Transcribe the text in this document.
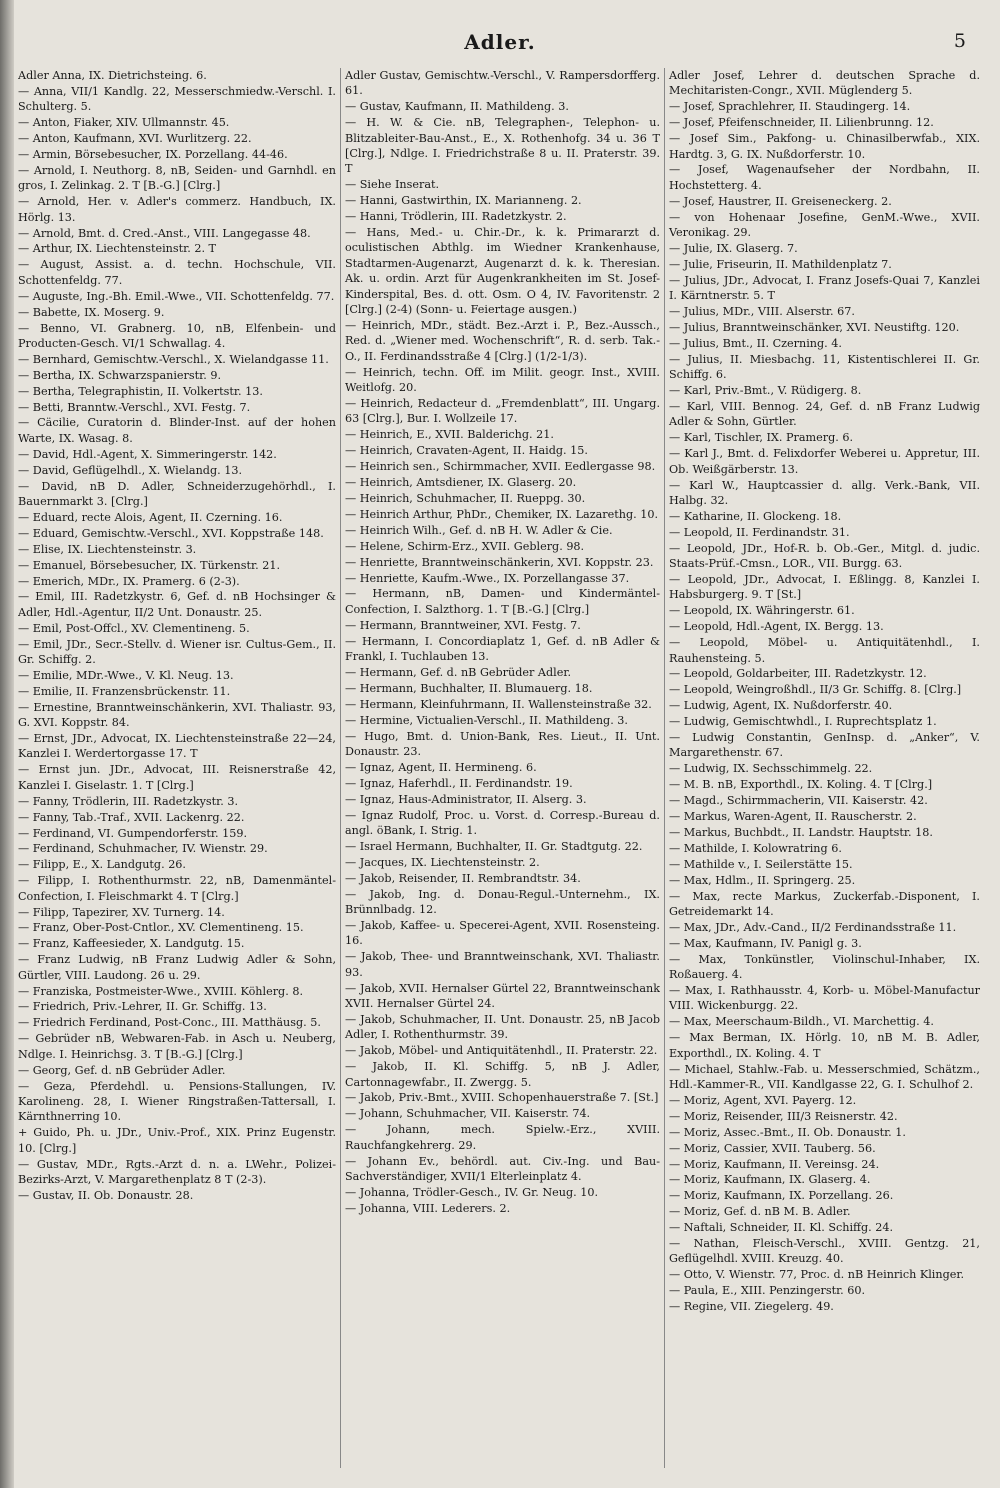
Adler.	5

Adler Anna, IX. Dietrichsteing. 6.

— Anna, VII/1 Kandlg. 22, Messerschmiedw.-Verschl. I. Schulterg. 5.

— Anton, Fiaker, XIV. Ullmannstr. 45.

— Anton, Kaufmann, XVI. Wurlitzerg. 22.

— Armin, Börsebesucher, IX. Porzellang. 44-46.

— Arnold, I. Neuthorg. 8, nB, Seiden- und Garnhdl. en gros, I. Zelinkag. 2. T [B.-G.] [Clrg.]

— Arnold, Her. v. Adler's commerz. Handbuch, IX. Hörlg. 13.

— Arnold, Bmt. d. Cred.-Anst., VIII. Langegasse 48.

— Arthur, IX. Liechtensteinstr. 2. T

— August, Assist. a. d. techn. Hochschule, VII. Schottenfeldg. 77.

— Auguste, Ing.-Bh. Emil.-Wwe., VII. Schottenfeldg. 77.

— Babette, IX. Moserg. 9.

— Benno, VI. Grabnerg. 10, nB, Elfenbein- und Producten-Gesch. VI/1 Schwallag. 4.

— Bernhard, Gemischtw.-Verschl., X. Wielandgasse 11.

— Bertha, IX. Schwarzspanierstr. 9.

— Bertha, Telegraphistin, II. Volkertstr. 13.

— Betti, Branntw.-Verschl., XVI. Festg. 7.

— Cäcilie, Curatorin d. Blinder-Inst. auf der hohen Warte, IX. Wasag. 8.

— David, Hdl.-Agent, X. Simmeringerstr. 142.

— David, Geflügelhdl., X. Wielandg. 13.

— David, nB D. Adler, Schneiderzugehörhdl., I. Bauernmarkt 3. [Clrg.]

— Eduard, recte Alois, Agent, II. Czerning. 16.

— Eduard, Gemischtw.-Verschl., XVI. Koppstraße 148.

— Elise, IX. Liechtensteinstr. 3.

— Emanuel, Börsebesucher, IX. Türkenstr. 21.

— Emerich, MDr., IX. Pramerg. 6 (2-3).

— Emil, III. Radetzkystr. 6, Gef. d. nB Hochsinger & Adler, Hdl.-Agentur, II/2 Unt. Donaustr. 25.

— Emil, Post-Offcl., XV. Clementineng. 5.

— Emil, JDr., Secr.-Stellv. d. Wiener isr. Cultus-Gem., II. Gr. Schiffg. 2.

— Emilie, MDr.-Wwe., V. Kl. Neug. 13.

— Emilie, II. Franzensbrückenstr. 11.

— Ernestine, Branntweinschänkerin, XVI. Thaliastr. 93, G. XVI. Koppstr. 84.

— Ernst, JDr., Advocat, IX. Liechtensteinstraße 22—24, Kanzlei I. Werdertorgasse 17. T

— Ernst jun. JDr., Advocat, III. Reisnerstraße 42, Kanzlei I. Giselastr. 1. T [Clrg.]

— Fanny, Trödlerin, III. Radetzkystr. 3.

— Fanny, Tab.-Traf., XVII. Lackenrg. 22.

— Ferdinand, VI. Gumpendorferstr. 159.

— Ferdinand, Schuhmacher, IV. Wienstr. 29.

— Filipp, E., X. Landgutg. 26.

— Filipp, I. Rothenthurmstr. 22, nB, Damenmäntel-Confection, I. Fleischmarkt 4. T [Clrg.]

— Filipp, Tapezirer, XV. Turnerg. 14.

— Franz, Ober-Post-Cntlor., XV. Clementineng. 15.

— Franz, Kaffeesieder, X. Landgutg. 15.

— Franz Ludwig, nB Franz Ludwig Adler & Sohn, Gürtler, VIII. Laudong. 26 u. 29.

— Franziska, Postmeister-Wwe., XVIII. Köhlerg. 8.

— Friedrich, Priv.-Lehrer, II. Gr. Schiffg. 13.

— Friedrich Ferdinand, Post-Conc., III. Matthäusg. 5.

— Gebrüder nB, Webwaren-Fab. in Asch u. Neuberg, Ndlge. I. Heinrichsg. 3. T [B.-G.] [Clrg.]

— Georg, Gef. d. nB Gebrüder Adler.

— Geza, Pferdehdl. u. Pensions-Stallungen, IV. Karolineng. 28, I. Wiener Ringstraßen-Tattersall, I. Kärnthnerring 10.

+ Guido, Ph. u. JDr., Univ.-Prof., XIX. Prinz Eugenstr. 10. [Clrg.]

— Gustav, MDr., Rgts.-Arzt d. n. a. LWehr., Polizei-Bezirks-Arzt, V. Margarethenplatz 8 T (2-3).

— Gustav, II. Ob. Donaustr. 28.

Adler Gustav, Gemischtw.-Verschl., V. Rampersdorfferg. 61.

— Gustav, Kaufmann, II. Mathildeng. 3.

— H. W. & Cie. nB, Telegraphen-, Telephon- u. Blitzableiter-Bau-Anst., E., X. Rothenhofg. 34 u. 36 T [Clrg.], Ndlge. I. Friedrichstraße 8 u. II. Praterstr. 39. T

— Siehe Inserat.

— Hanni, Gastwirthin, IX. Marianneng. 2.

— Hanni, Trödlerin, III. Radetzkystr. 2.

— Hans, Med.- u. Chir.-Dr., k. k. Primararzt d. oculistischen Abthlg. im Wiedner Krankenhause, Stadtarmen-Augenarzt, Augenarzt d. k. k. Theresian. Ak. u. ordin. Arzt für Augenkrankheiten im St. Josef-Kinderspital, Bes. d. ott. Osm. O 4, IV. Favoritenstr. 2 [Clrg.] (2-4) (Sonn- u. Feiertage ausgen.)

— Heinrich, MDr., städt. Bez.-Arzt i. P., Bez.-Aussch., Red. d. „Wiener med. Wochenschrift“, R. d. serb. Tak.-O., II. Ferdinandsstraße 4 [Clrg.] (1/2-1/3).

— Heinrich, techn. Off. im Milit. geogr. Inst., XVIII. Weitlofg. 20.

— Heinrich, Redacteur d. „Fremdenblatt“, III. Ungarg. 63 [Clrg.], Bur. I. Wollzeile 17.

— Heinrich, E., XVII. Balderichg. 21.

— Heinrich, Cravaten-Agent, II. Haidg. 15.

— Heinrich sen., Schirmmacher, XVII. Eedlergasse 98.

— Heinrich, Amtsdiener, IX. Glaserg. 20.

— Heinrich, Schuhmacher, II. Rueppg. 30.

— Heinrich Arthur, PhDr., Chemiker, IX. Lazarethg. 10.

— Heinrich Wilh., Gef. d. nB H. W. Adler & Cie.

— Helene, Schirm-Erz., XVII. Geblerg. 98.

— Henriette, Branntweinschänkerin, XVI. Koppstr. 23.

— Henriette, Kaufm.-Wwe., IX. Porzellangasse 37.

— Hermann, nB, Damen- und Kindermäntel-Confection, I. Salzthorg. 1. T [B.-G.] [Clrg.]

— Hermann, Branntweiner, XVI. Festg. 7.

— Hermann, I. Concordiaplatz 1, Gef. d. nB Adler & Frankl, I. Tuchlauben 13.

— Hermann, Gef. d. nB Gebrüder Adler.

— Hermann, Buchhalter, II. Blumauerg. 18.

— Hermann, Kleinfuhrmann, II. Wallensteinstraße 32.

— Hermine, Victualien-Verschl., II. Mathildeng. 3.

— Hugo, Bmt. d. Union-Bank, Res. Lieut., II. Unt. Donaustr. 23.

— Ignaz, Agent, II. Hermineng. 6.

— Ignaz, Haferhdl., II. Ferdinandstr. 19.

— Ignaz, Haus-Administrator, II. Alserg. 3.

— Ignaz Rudolf, Proc. u. Vorst. d. Corresp.-Bureau d. angl. öBank, I. Strig. 1.

— Israel Hermann, Buchhalter, II. Gr. Stadtgutg. 22.

— Jacques, IX. Liechtensteinstr. 2.

— Jakob, Reisender, II. Rembrandtstr. 34.

— Jakob, Ing. d. Donau-Regul.-Unternehm., IX. Brünnlbadg. 12.

— Jakob, Kaffee- u. Specerei-Agent, XVII. Rosensteing. 16.

— Jakob, Thee- und Branntweinschank, XVI. Thaliastr. 93.

— Jakob, XVII. Hernalser Gürtel 22, Branntweinschank XVII. Hernalser Gürtel 24.

— Jakob, Schuhmacher, II. Unt. Donaustr. 25, nB Jacob Adler, I. Rothenthurmstr. 39.

— Jakob, Möbel- und Antiquitätenhdl., II. Praterstr. 22.

— Jakob, II. Kl. Schiffg. 5, nB J. Adler, Cartonnagewfabr., II. Zwergg. 5.

— Jakob, Priv.-Bmt., XVIII. Schopenhauerstraße 7. [St.]

— Johann, Schuhmacher, VII. Kaiserstr. 74.

— Johann, mech. Spielw.-Erz., XVIII. Rauchfangkehrerg. 29.

— Johann Ev., behördl. aut. Civ.-Ing. und Bau-Sachverständiger, XVII/1 Elterleinplatz 4.

— Johanna, Trödler-Gesch., IV. Gr. Neug. 10.

— Johanna, VIII. Lederers. 2.

Adler Josef, Lehrer d. deutschen Sprache d. Mechitaristen-Congr., XVII. Müglenderg 5.

— Josef, Sprachlehrer, II. Staudingerg. 14.

— Josef, Pfeifenschneider, II. Lilienbrunng. 12.

— Josef Sim., Pakfong- u. Chinasilberwfab., XIX. Hardtg. 3, G. IX. Nußdorferstr. 10.

— Josef, Wagenaufseher der Nordbahn, II. Hochstetterg. 4.

— Josef, Haustrer, II. Greiseneckerg. 2.

— von Hohenaar Josefine, GenM.-Wwe., XVII. Veronikag. 29.

— Julie, IX. Glaserg. 7.

— Julie, Friseurin, II. Mathildenplatz 7.

— Julius, JDr., Advocat, I. Franz Josefs-Quai 7, Kanzlei I. Kärntnerstr. 5. T

— Julius, MDr., VIII. Alserstr. 67.

— Julius, Branntweinschänker, XVI. Neustiftg. 120.

— Julius, Bmt., II. Czerning. 4.

— Julius, II. Miesbachg. 11, Kistentischlerei II. Gr. Schiffg. 6.

— Karl, Priv.-Bmt., V. Rüdigerg. 8.

— Karl, VIII. Bennog. 24, Gef. d. nB Franz Ludwig Adler & Sohn, Gürtler.

— Karl, Tischler, IX. Pramerg. 6.

— Karl J., Bmt. d. Felixdorfer Weberei u. Appretur, III. Ob. Weißgärberstr. 13.

— Karl W., Hauptcassier d. allg. Verk.-Bank, VII. Halbg. 32.

— Katharine, II. Glockeng. 18.

— Leopold, II. Ferdinandstr. 31.

— Leopold, JDr., Hof-R. b. Ob.-Ger., Mitgl. d. judic. Staats-Prüf.-Cmsn., LOR., VII. Burgg. 63.

— Leopold, JDr., Advocat, I. Eßlingg. 8, Kanzlei I. Habsburgerg. 9. T [St.]

— Leopold, IX. Währingerstr. 61.

— Leopold, Hdl.-Agent, IX. Bergg. 13.

— Leopold, Möbel- u. Antiquitätenhdl., I. Rauhensteing. 5.

— Leopold, Goldarbeiter, III. Radetzkystr. 12.

— Leopold, Weingroßhdl., II/3 Gr. Schiffg. 8. [Clrg.]

— Ludwig, Agent, IX. Nußdorferstr. 40.

— Ludwig, Gemischtwhdl., I. Ruprechtsplatz 1.

— Ludwig Constantin, GenInsp. d. „Anker“, V. Margarethenstr. 67.

— Ludwig, IX. Sechsschimmelg. 22.

— M. B. nB, Exporthdl., IX. Koling. 4. T [Clrg.]

— Magd., Schirmmacherin, VII. Kaiserstr. 42.

— Markus, Waren-Agent, II. Rauscherstr. 2.

— Markus, Buchbdt., II. Landstr. Hauptstr. 18.

— Mathilde, I. Kolowratring 6.

— Mathilde v., I. Seilerstätte 15.

— Max, Hdlm., II. Springerg. 25.

— Max, recte Markus, Zuckerfab.-Disponent, I. Getreidemarkt 14.

— Max, JDr., Adv.-Cand., II/2 Ferdinandsstraße 11.

— Max, Kaufmann, IV. Panigl g. 3.

— Max, Tonkünstler, Violinschul-Inhaber, IX. Roßauerg. 4.

— Max, I. Rathhausstr. 4, Korb- u. Möbel-Manufactur VIII. Wickenburgg. 22.

— Max, Meerschaum-Bildh., VI. Marchettig. 4.

— Max Berman, IX. Hörlg. 10, nB M. B. Adler, Exporthdl., IX. Koling. 4. T

— Michael, Stahlw.-Fab. u. Messerschmied, Schätzm., Hdl.-Kammer-R., VII. Kandlgasse 22, G. I. Schulhof 2.

— Moriz, Agent, XVI. Payerg. 12.

— Moriz, Reisender, III/3 Reisnerstr. 42.

— Moriz, Assec.-Bmt., II. Ob. Donaustr. 1.

— Moriz, Cassier, XVII. Tauberg. 56.

— Moriz, Kaufmann, II. Vereinsg. 24.

— Moriz, Kaufmann, IX. Glaserg. 4.

— Moriz, Kaufmann, IX. Porzellang. 26.

— Moriz, Gef. d. nB M. B. Adler.

— Naftali, Schneider, II. Kl. Schiffg. 24.

— Nathan, Fleisch-Verschl., XVIII. Gentzg. 21, Geflügelhdl. XVIII. Kreuzg. 40.

— Otto, V. Wienstr. 77, Proc. d. nB Heinrich Klinger.

— Paula, E., XIII. Penzingerstr. 60.

— Regine, VII. Ziegelerg. 49.
